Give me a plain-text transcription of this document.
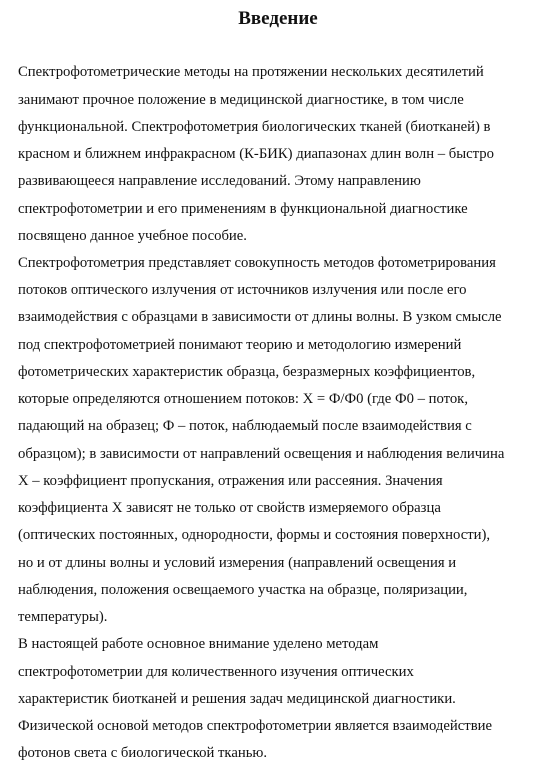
Введение
Спектрофотометрические методы на протяжении нескольких десятилетий
занимают прочное положение в медицинской диагностике, в том числе
функциональной. Спектрофотометрия биологических тканей (биотканей) в
красном и ближнем инфракрасном (К-БИК) диапазонах длин волн – быстро
развивающееся направление исследований. Этому направлению
спектрофотометрии и его применениям в функциональной диагностике
посвящено данное учебное пособие.
Спектрофотометрия представляет совокупность методов фотометрирования
потоков оптического излучения от источников излучения или после его
взаимодействия с образцами в зависимости от длины волны. В узком смысле
под спектрофотометрией понимают теорию и методологию измерений
фотометрических характеристик образца, безразмерных коэффициентов,
которые определяются отношением потоков: X = Ф/Ф0 (где Ф0 – поток,
падающий на образец; Ф – поток, наблюдаемый после взаимодействия с
образцом); в зависимости от направлений освещения и наблюдения величина
X – коэффициент пропускания, отражения или рассеяния. Значения
коэффициента X зависят не только от свойств измеряемого образца
(оптических постоянных, однородности, формы и состояния поверхности),
но и от длины волны и условий измерения (направлений освещения и
наблюдения, положения освещаемого участка на образце, поляризации,
температуры).
В настоящей работе основное внимание уделено методам
спектрофотометрии для количественного изучения оптических
характеристик биотканей и решения задач медицинской диагностики.
Физической основой методов спектрофотометрии является взаимодействие
фотонов света с биологической тканью.
